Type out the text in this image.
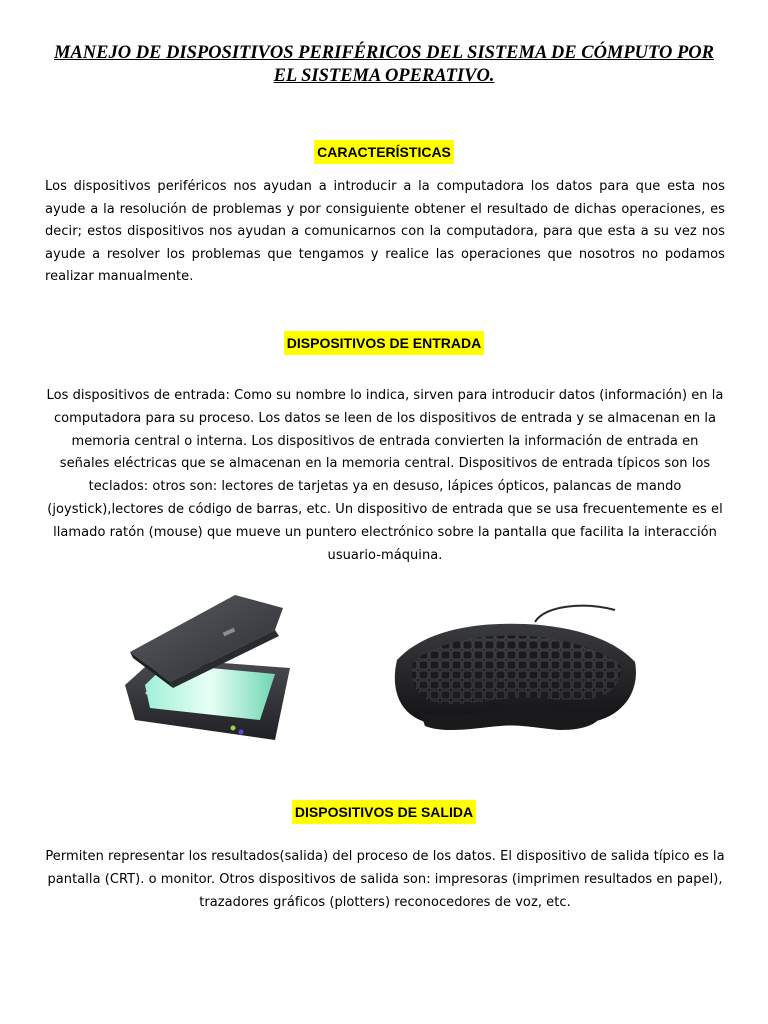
MANEJO DE DISPOSITIVOS PERIFÉRICOS DEL SISTEMA DE CÓMPUTO POR EL SISTEMA OPERATIVO.
CARACTERÍSTICAS

Los dispositivos periféricos nos ayudan a introducir a la computadora los datos para que esta nos ayude a la resolución de problemas y por consiguiente obtener el resultado de dichas operaciones, es decir; estos dispositivos nos ayudan a comunicarnos con la computadora, para que esta a su vez nos ayude a resolver los problemas que tengamos y realice las operaciones que nosotros no podamos realizar manualmente.

DISPOSITIVOS DE ENTRADA

Los dispositivos de entrada: Como su nombre lo indica, sirven para introducir datos (información) en la computadora para su proceso. Los datos se leen de los dispositivos de entrada y se almacenan en la memoria central o interna. Los dispositivos de entrada convierten la información de entrada en señales eléctricas que se almacenan en la memoria central. Dispositivos de entrada típicos son los teclados: otros son: lectores de tarjetas ya en desuso, lápices ópticos, palancas de mando (joystick),lectores de código de barras, etc. Un dispositivo de entrada que se usa frecuentemente es el llamado ratón (mouse) que mueve un puntero electrónico sobre la pantalla que facilita la interacción usuario-máquina.

DISPOSITIVOS DE SALIDA

Permiten representar los resultados(salida) del proceso de los datos. El dispositivo de salida típico es la pantalla (CRT). o monitor. Otros dispositivos de salida son: impresoras (imprimen resultados en papel), trazadores gráficos (plotters) reconocedores de voz, etc.
